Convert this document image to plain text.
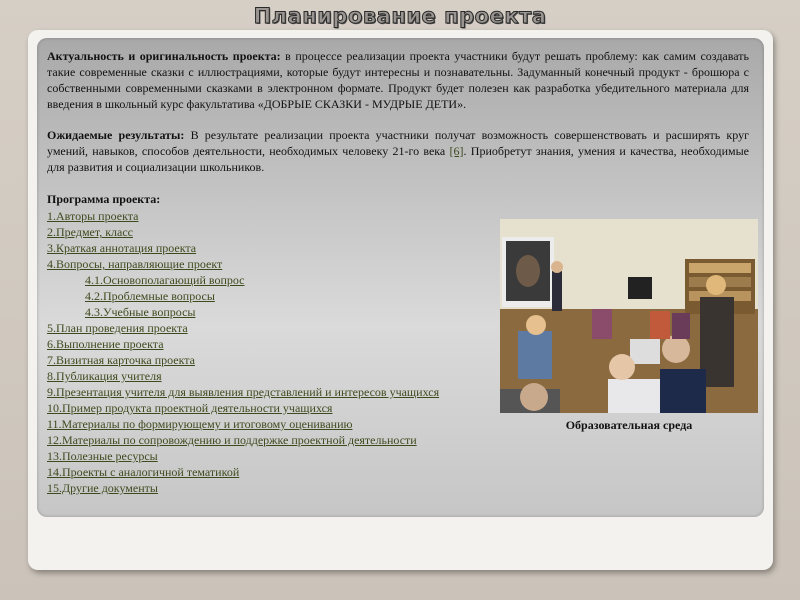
Планирование проекта
Актуальность и оригинальность проекта: в процессе реализации проекта участники будут решать проблему: как самим создавать такие современные сказки с иллюстрациями, которые будут интересны и познавательны. Задуманный конечный продукт - брошюра с собственными современными сказками в электронном формате. Продукт будет полезен как разработка убедительного материала для введения в школьный курс факультатива «ДОБРЫЕ СКАЗКИ - МУДРЫЕ ДЕТИ».
Ожидаемые результаты: В результате реализации проекта участники получат возможность совершенствовать и расширять круг умений, навыков, способов деятельности, необходимых человеку 21-го века [6]. Приобретут знания, умения и качества, необходимые для развития и социализации школьников.
Программа проекта:
1.Авторы проекта
2.Предмет, класс
3.Краткая аннотация проекта
4.Вопросы, направляющие проект
4.1.Основополагающий вопрос
4.2.Проблемные вопросы
4.3.Учебные вопросы
5.План проведения проекта
6.Выполнение проекта
7.Визитная карточка проекта
8.Публикация учителя
9.Презентация учителя для выявления представлений и интересов учащихся
10.Пример продукта проектной деятельности учащихся
11.Материалы по формирующему и итоговому оцениванию
12.Материалы по сопровождению и поддержке проектной деятельности
13.Полезные ресурсы
14.Проекты с аналогичной тематикой
15.Другие документы
Образовательная среда
